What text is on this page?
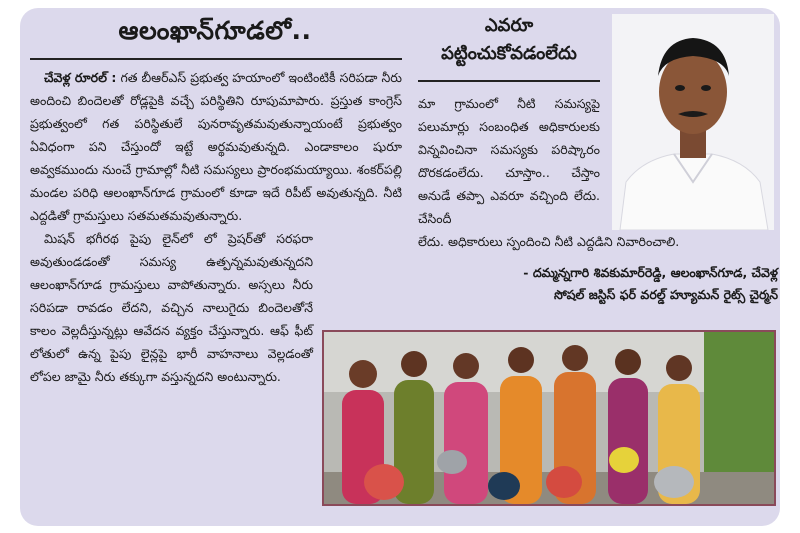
ఆలంఖాన్‌గూడలో..

చేవెళ్ల రూరల్ : గత బీఆర్ఎస్ ప్రభుత్వ హయాంలో ఇంటింటికీ సరిపడా నీరు అందించి బిందెలతో రోడ్లపైకి వచ్చే పరిస్థితిని రూపుమాపారు. ప్రస్తుత కాంగ్రెస్ ప్రభుత్వంలో గత పరిస్థితులే పునరావృతమవుతున్నాయంటే ప్రభుత్వం ఏవిధంగా పని చేస్తుందో ఇట్టే అర్థమవుతున్నది. ఎండాకాలం షురూ అవ్వకముందు నుంచే గ్రామాల్లో నీటి సమస్యలు ప్రారంభమయ్యాయి. శంకర్‌పల్లి మండల పరిధి ఆలంఖాన్‌గూడ గ్రామంలో కూడా ఇదే రిపీట్ అవుతున్నది. నీటి ఎద్దడితో గ్రామస్తులు సతమతమవుతున్నారు.

మిషన్ భగీరథ పైపు లైన్‌లో లో ప్రెషర్‌తో సరఫరా అవుతుండడంతో సమస్య ఉత్పన్నమవుతున్నదని ఆలంఖాన్‌గూడ గ్రామస్తులు వాపోతున్నారు. అస్సలు నీరు సరిపడా రావడం లేదని, వచ్చిన నాలుగైదు బిందెలతోనే కాలం వెల్లదీస్తున్నట్లు ఆవేదన వ్యక్తం చేస్తున్నారు. ఆఫ్ ఫీట్ లోతులో ఉన్న పైపు లైన్లపై భారీ వాహనాలు వెల్లడంతో లోపల జామై నీరు తక్కుగా వస్తున్నదని అంటున్నారు.

ఎవరూ
పట్టించుకోవడంలేదు
మా గ్రామంలో నీటి సమస్యపై పలుమార్లు సంబంధిత అధికారులకు విన్నవించినా సమస్యకు పరిష్కారం దొరకడంలేదు. చూస్తాం.. చేస్తాం అనుడే తప్పా ఎవరూ వచ్చింది లేదు. చేసిందీ
లేదు. అధికారులు స్పందించి నీటి ఎద్దడిని నివారించాలి.
- దమ్మన్నగారి శివకుమార్‌రెడ్డి, ఆలంఖాన్‌గూడ, చేవెళ్ల
సోషల్ జస్టిస్ ఫర్ వరల్డ్ హ్యూమన్ రైట్స్ చైర్మన్
